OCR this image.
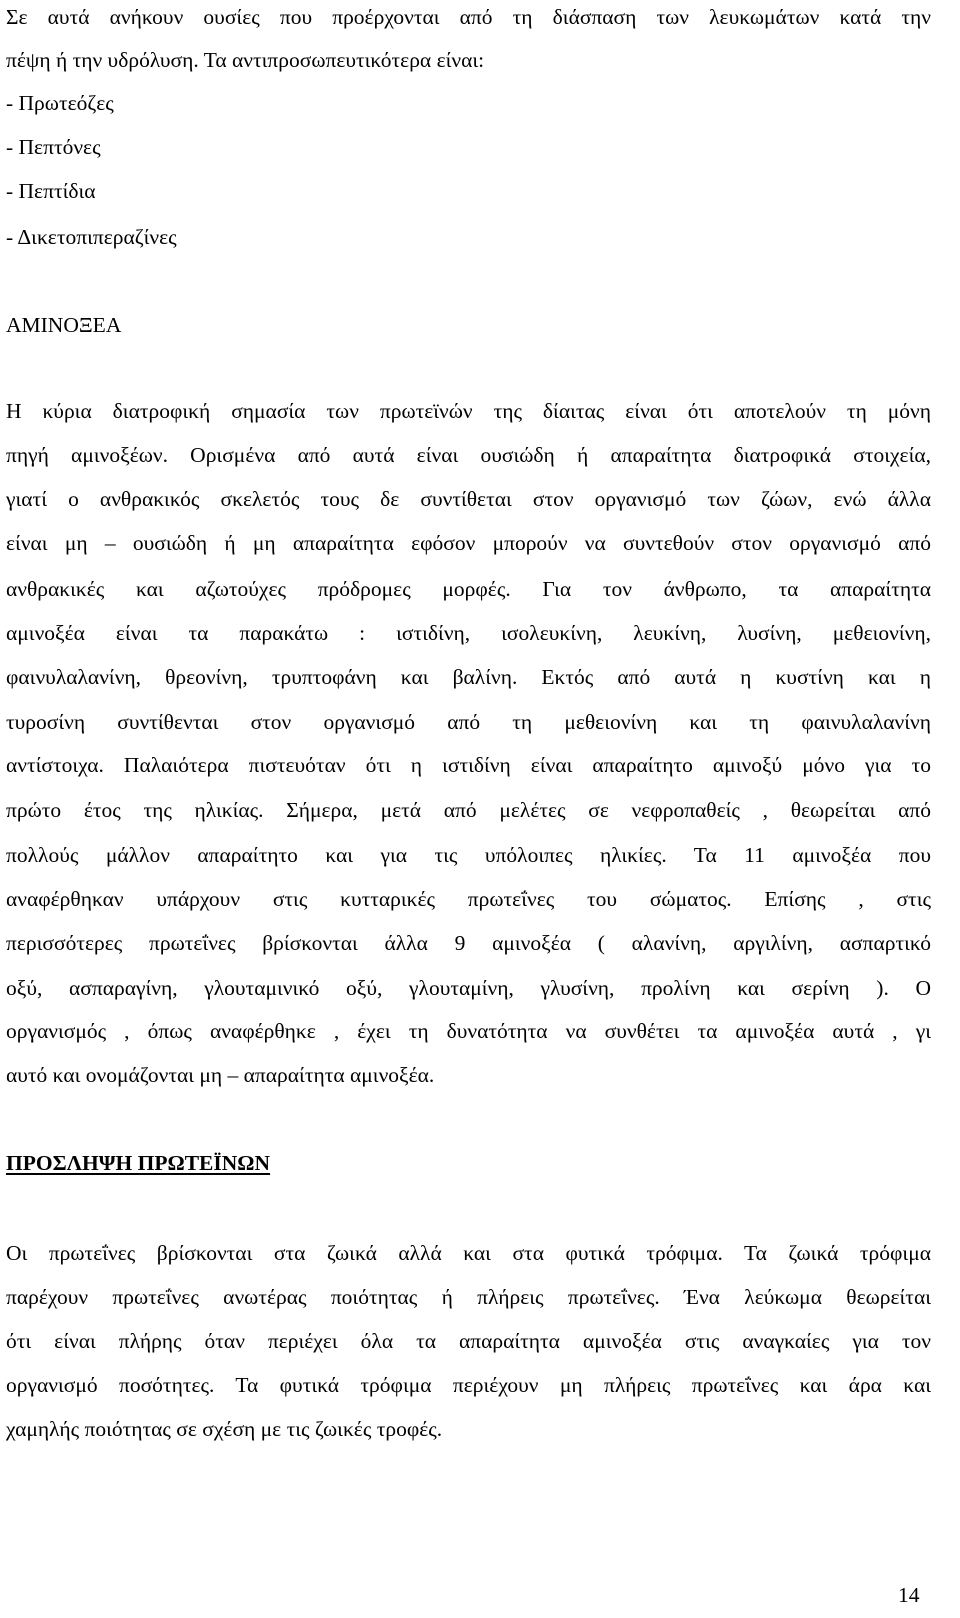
Σε αυτά ανήκουν ουσίες που προέρχονται από τη διάσπαση των λευκωμάτων κατά την
πέψη ή την υδρόλυση. Τα αντιπροσωπευτικότερα είναι:
- Πρωτεόζες
- Πεπτόνες
- Πεπτίδια
- Δικετοπιπεραζίνες
ΑΜΙΝΟΞΕΑ
Η κύρια διατροφική σημασία των πρωτεϊνών της δίαιτας είναι ότι αποτελούν τη μόνη
πηγή αμινοξέων. Ορισμένα από αυτά είναι ουσιώδη ή απαραίτητα διατροφικά στοιχεία,
γιατί ο ανθρακικός σκελετός τους δε συντίθεται στον οργανισμό των ζώων, ενώ άλλα
είναι μη – ουσιώδη ή μη απαραίτητα εφόσον μπορούν να συντεθούν στον οργανισμό από
ανθρακικές και αζωτούχες πρόδρομες μορφές. Για τον άνθρωπο, τα απαραίτητα
αμινοξέα είναι τα παρακάτω : ιστιδίνη, ισολευκίνη, λευκίνη, λυσίνη, μεθειονίνη,
φαινυλαλανίνη, θρεονίνη, τρυπτοφάνη και βαλίνη. Εκτός από αυτά η κυστίνη και η
τυροσίνη συντίθενται στον οργανισμό από τη μεθειονίνη και τη φαινυλαλανίνη
αντίστοιχα. Παλαιότερα πιστευόταν ότι η ιστιδίνη είναι απαραίτητο αμινοξύ μόνο για το
πρώτο έτος της ηλικίας. Σήμερα, μετά από μελέτες σε νεφροπαθείς , θεωρείται από
πολλούς μάλλον απαραίτητο και για τις υπόλοιπες ηλικίες. Τα 11 αμινοξέα που
αναφέρθηκαν υπάρχουν στις κυτταρικές πρωτεΐνες του σώματος. Επίσης , στις
περισσότερες πρωτεΐνες βρίσκονται άλλα 9 αμινοξέα ( αλανίνη, αργιλίνη, ασπαρτικό
οξύ, ασπαραγίνη, γλουταμινικό οξύ, γλουταμίνη, γλυσίνη, προλίνη και σερίνη ). Ο
οργανισμός , όπως αναφέρθηκε , έχει τη δυνατότητα να συνθέτει τα αμινοξέα αυτά , γι
αυτό και ονομάζονται μη – απαραίτητα αμινοξέα.
ΠΡΟΣΛΗΨΗ ΠΡΩΤΕΪΝΩΝ
Οι πρωτεΐνες βρίσκονται στα ζωικά αλλά και στα φυτικά τρόφιμα. Τα ζωικά τρόφιμα
παρέχουν πρωτεΐνες ανωτέρας ποιότητας ή πλήρεις πρωτεΐνες. Ένα λεύκωμα θεωρείται
ότι είναι πλήρης όταν περιέχει όλα τα απαραίτητα αμινοξέα στις αναγκαίες για τον
οργανισμό ποσότητες. Τα φυτικά τρόφιμα περιέχουν μη πλήρεις πρωτεΐνες και άρα και
χαμηλής ποιότητας σε σχέση με τις ζωικές τροφές.
14
